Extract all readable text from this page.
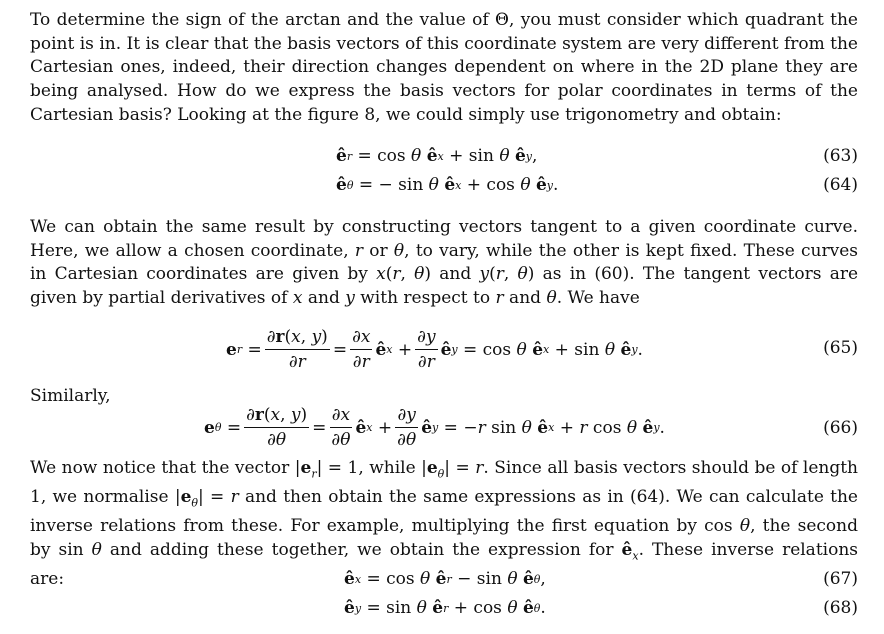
To determine the sign of the arctan and the value of Θ, you must consider which quadrant the point is in. It is clear that the basis vectors of this coordinate system are very different from the Cartesian ones, indeed, their direction changes dependent on where in the 2D plane they are being analysed. How do we express the basis vectors for polar coordinates in terms of the Cartesian basis? Looking at the figure 8, we could simply use trigonometry and obtain:

ê r = cos θ
ê x + sin θ
ê y ,	(63)
ê θ = − sin θ
ê x + cos θ
ê y .	(64)

We can obtain the same result by constructing vectors tangent to a given coordinate curve. Here, we allow a chosen coordinate, r or θ, to vary, while the other is kept fixed. These curves in Cartesian coordinates are given by x(r, θ) and y(r, θ) as in (60). The tangent vectors are given by partial derivatives of x and y with respect to r and θ. We have

e $r = \frac{\partial r(x, y)}{\partial r} = \frac{\partial x}{\partial r}$ ê $x + \frac{\partial y}{\partial r}$ ê y = cos θ
ê x + sin θ
ê y .	(65)

Similarly,

e $\theta = \frac{\partial r(x, y)}{\partial\theta} = \frac{\partial x}{\partial\theta}$ ê $x + \frac{\partial y}{\partial\theta}$ ê y = − r sin θ
ê x + r cos θ
ê y .	(66)

We now notice that the vector $|e_r| = 1$, while $|e_\theta| = r$. Since all basis vectors should be of length 1, we normalise $|e_\theta| = r$ and then obtain the same expressions as in (64). We can calculate the inverse relations from these. For example, multiplying the first equation by cos θ, the second by sin θ and adding these together, we obtain the expression for $ê_x$. These inverse relations are:	ê x = cos θ
ê r − sin θ
ê θ ,	(67)
ê y = sin θ
ê r + cos θ
ê θ .	(68)
